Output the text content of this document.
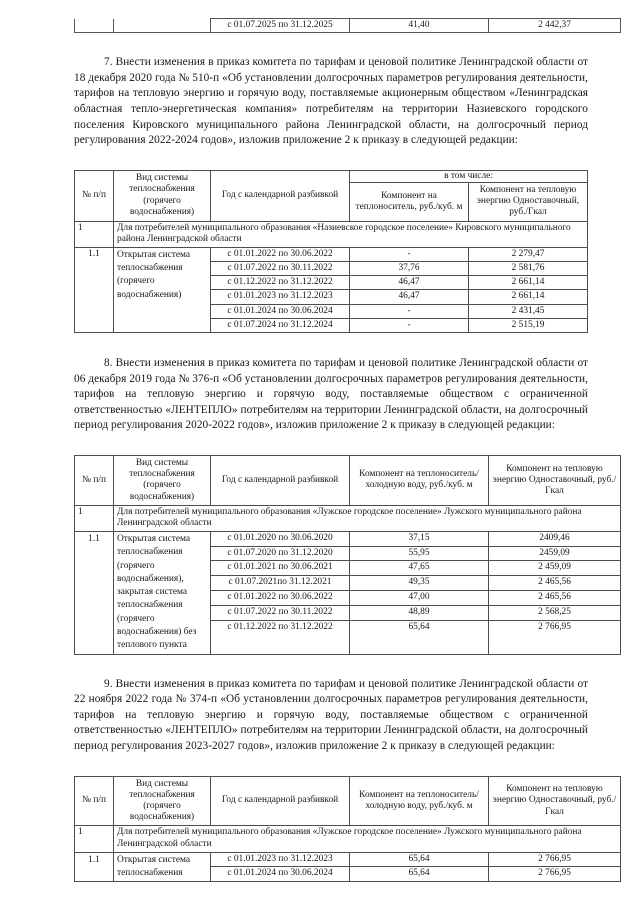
		с 01.07.2025 по 31.12.2025	41,40	2 442,37

7. Внести изменения в приказ комитета по тарифам и ценовой политике Ленинградской области от 18 декабря 2020 года № 510-п «Об установлении долгосрочных параметров регулирования деятельности, тарифов на тепловую энергию и горячую воду, поставляемые акционерным обществом «Ленинградская областная тепло-энергетическая компания» потребителям на территории Назиевского городского поселения Кировского муниципального района Ленинградской области, на долгосрочный период регулирования 2022-2024 годов», изложив приложение 2 к приказу в следующей редакции:

№ п/п	Вид системы теплоснабжения (горячего водоснабжения)	Год с календарной разбивкой	в том числе:	
			Компонент на теплоноситель, руб./куб. м	Компонент на тепловую энергию Одноставочный, руб./Гкал
1	Для потребителей муниципального образования «Назиевское городское поселение» Кировского муниципального района Ленинградской области			
1.1	Открытая система теплоснабжения (горячего водоснабжения)	с 01.01.2022 по 30.06.2022	-	2 279,47
		с 01.07.2022 по 30.11.2022	37,76	2 581,76
		с 01.12.2022 по 31.12.2022	46,47	2 661,14
		с 01.01.2023 по 31.12.2023	46,47	2 661,14
		с 01.01.2024 по 30.06.2024	-	2 431,45
		с 01.07.2024 по 31.12.2024	-	2 515,19

8. Внести изменения в приказ комитета по тарифам и ценовой политике Ленинградской области от 06 декабря 2019 года № 376-п «Об установлении долгосрочных параметров регулирования деятельности, тарифов на тепловую энергию и горячую воду, поставляемые обществом с ограниченной ответственностью «ЛЕНТЕПЛО» потребителям на территории Ленинградской области, на долгосрочный период регулирования 2020-2022 годов», изложив приложение 2 к приказу в следующей редакции:

№ п/п	Вид системы теплоснабжения (горячего водоснабжения)	Год с календарной разбивкой	Компонент на теплоноситель/холодную воду, руб./куб. м	Компонент на тепловую энергию Одноставочный, руб./Гкал
1	Для потребителей муниципального образования «Лужское городское поселение» Лужского муниципального района Ленинградской области			
1.1	Открытая система теплоснабжения (горячего водоснабжения), закрытая система теплоснабжения (горячего водоснабжения) без теплового пункта	с 01.01.2020 по 30.06.2020	37,15	2409,46
		с 01.07.2020 по 31.12.2020	55,95	2459,09
		с 01.01.2021 по 30.06.2021	47,65	2 459,09
		с 01.07.2021по 31.12.2021	49,35	2 465,56
		с 01.01.2022 по 30.06.2022	47,00	2 465,56
		с 01.07.2022 по 30.11.2022	48,89	2 568,25
		с 01.12.2022 по 31.12.2022	65,64	2 766,95

9. Внести изменения в приказ комитета по тарифам и ценовой политике Ленинградской области от 22 ноября 2022 года № 374-п «Об установлении долгосрочных параметров регулирования деятельности, тарифов на тепловую энергию и горячую воду, поставляемые обществом с ограниченной ответственностью «ЛЕНТЕПЛО» потребителям на территории Ленинградской области, на долгосрочный период регулирования 2023-2027 годов», изложив приложение 2 к приказу в следующей редакции:

№ п/п	Вид системы теплоснабжения (горячего водоснабжения)	Год с календарной разбивкой	Компонент на теплоноситель/холодную воду, руб./куб. м	Компонент на тепловую энергию Одноставочный, руб./Гкал
1	Для потребителей муниципального образования «Лужское городское поселение» Лужского муниципального района Ленинградской области			
1.1	Открытая система теплоснабжения	с 01.01.2023 по 31.12.2023	65,64	2 766,95
		с 01.01.2024 по 30.06.2024	65,64	2 766,95
